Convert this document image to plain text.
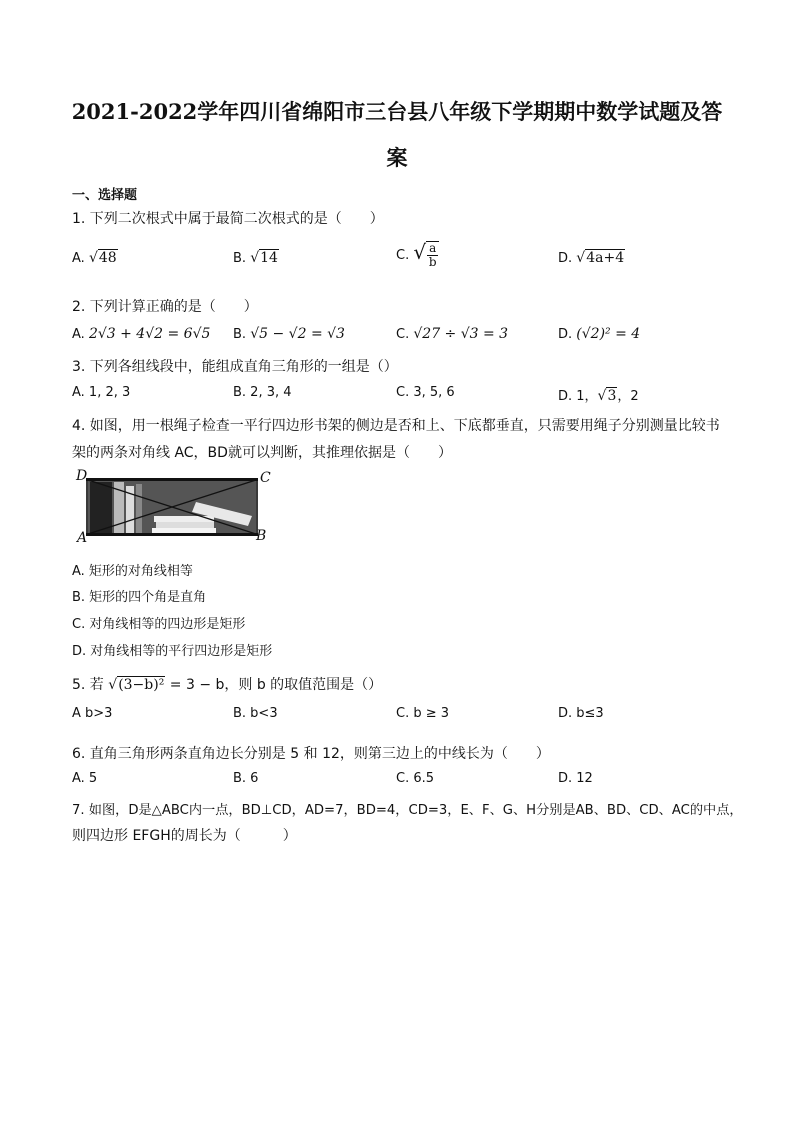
2021-2022学年四川省绵阳市三台县八年级下学期期中数学试题及答
案
一、选择题
1. 下列二次根式中属于最简二次根式的是（　　）
A. √48	B. √14	C. √ $\frac{a}{b}$	D. √4a+4
2. 下列计算正确的是（　　）
A. 2√3 + 4√2 = 6√5 B. √5 − √2 = √3	C. √27 ÷ √3 = 3	D. (√2)² = 4
3. 下列各组线段中，能组成直角三角形的一组是（）
A. 1, 2, 3	B. 2, 3, 4	C. 3, 5, 6	D. 1，√3，2
4. 如图，用一根绳子检查一平行四边形书架的侧边是否和上、下底都垂直，只需要用绳子分别测量比较书
架的两条对角线 AC，BD就可以判断，其推理依据是（　　）
D	C
A	B
A. 矩形的对角线相等
B. 矩形的四个角是直角
C. 对角线相等的四边形是矩形
D. 对角线相等的平行四边形是矩形
5. 若 √(3−b)² = 3 − b，则 b 的取值范围是（）
A b>3	B. b<3	C. b ≥ 3	D. b≤3
6. 直角三角形两条直角边长分别是 5 和 12，则第三边上的中线长为（　　）
A. 5	B. 6	C. 6.5	D. 12
7. 如图，D是△ABC内一点，BD⊥CD，AD=7，BD=4，CD=3，E、F、G、H分别是AB、BD、CD、AC的中点，
则四边形 EFGH的周长为（　　　）
